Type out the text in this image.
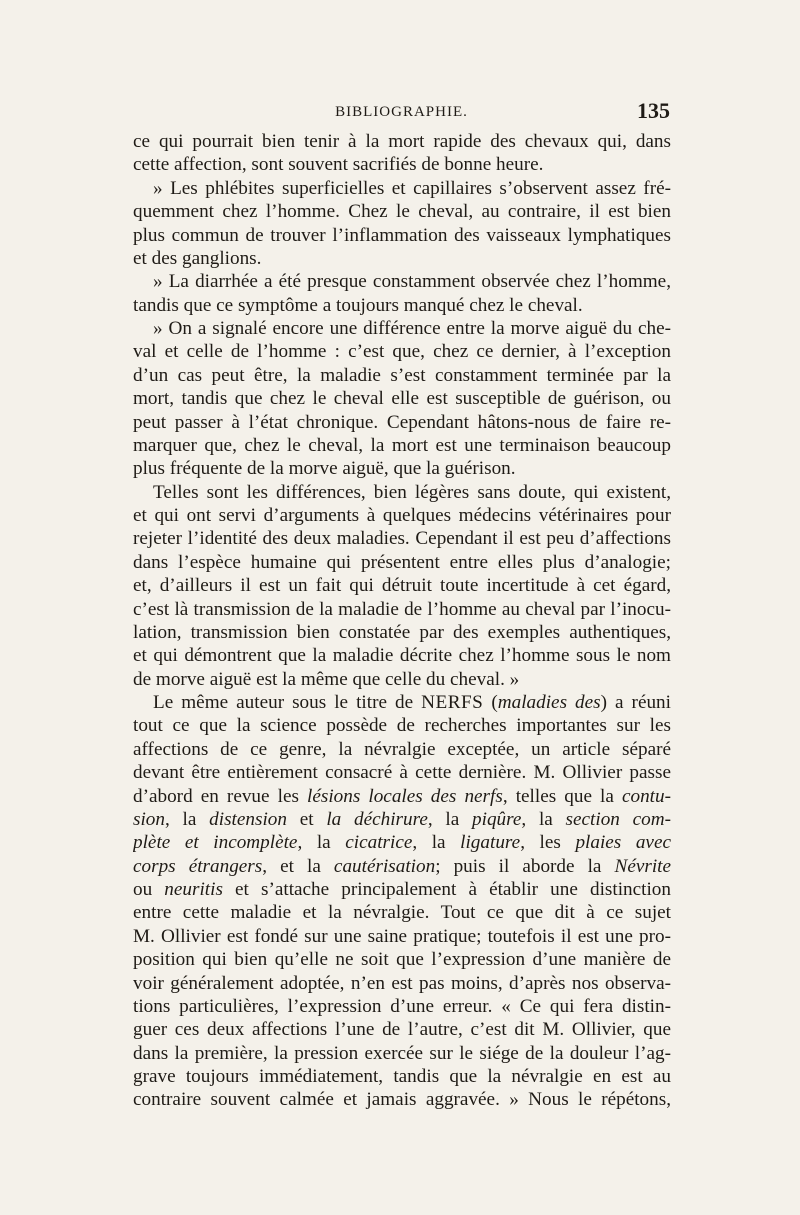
BIBLIOGRAPHIE.	135
ce qui pourrait bien tenir à la mort rapide des chevaux qui, dans
cette affection, sont souvent sacrifiés de bonne heure.
» Les phlébites superficielles et capillaires s’observent assez fré-
quemment chez l’homme. Chez le cheval, au contraire, il est bien
plus commun de trouver l’inflammation des vaisseaux lymphatiques
et des ganglions.
» La diarrhée a été presque constamment observée chez l’homme,
tandis que ce symptôme a toujours manqué chez le cheval.
» On a signalé encore une différence entre la morve aiguë du che-
val et celle de l’homme : c’est que, chez ce dernier, à l’exception
d’un cas peut être, la maladie s’est constamment terminée par la
mort, tandis que chez le cheval elle est susceptible de guérison, ou
peut passer à l’état chronique. Cependant hâtons-nous de faire re-
marquer que, chez le cheval, la mort est une terminaison beaucoup
plus fréquente de la morve aiguë, que la guérison.
Telles sont les différences, bien légères sans doute, qui existent,
et qui ont servi d’arguments à quelques médecins vétérinaires pour
rejeter l’identité des deux maladies. Cependant il est peu d’affections
dans l’espèce humaine qui présentent entre elles plus d’analogie;
et, d’ailleurs il est un fait qui détruit toute incertitude à cet égard,
c’est là transmission de la maladie de l’homme au cheval par l’inocu-
lation, transmission bien constatée par des exemples authentiques,
et qui démontrent que la maladie décrite chez l’homme sous le nom
de morve aiguë est la même que celle du cheval. »
Le même auteur sous le titre de NERFS (maladies des) a réuni
tout ce que la science possède de recherches importantes sur les
affections de ce genre, la névralgie exceptée, un article séparé
devant être entièrement consacré à cette dernière. M. Ollivier passe
d’abord en revue les lésions locales des nerfs, telles que la contu-
sion, la distension et la déchirure, la piqûre, la section com-
plète et incomplète, la cicatrice, la ligature, les plaies avec
corps étrangers, et la cautérisation; puis il aborde la Névrite
ou neuritis et s’attache principalement à établir une distinction
entre cette maladie et la névralgie. Tout ce que dit à ce sujet
M. Ollivier est fondé sur une saine pratique; toutefois il est une pro-
position qui bien qu’elle ne soit que l’expression d’une manière de
voir généralement adoptée, n’en est pas moins, d’après nos observa-
tions particulières, l’expression d’une erreur. « Ce qui fera distin-
guer ces deux affections l’une de l’autre, c’est dit M. Ollivier, que
dans la première, la pression exercée sur le siége de la douleur l’ag-
grave toujours immédiatement, tandis que la névralgie en est au
contraire souvent calmée et jamais aggravée. » Nous le répétons,
